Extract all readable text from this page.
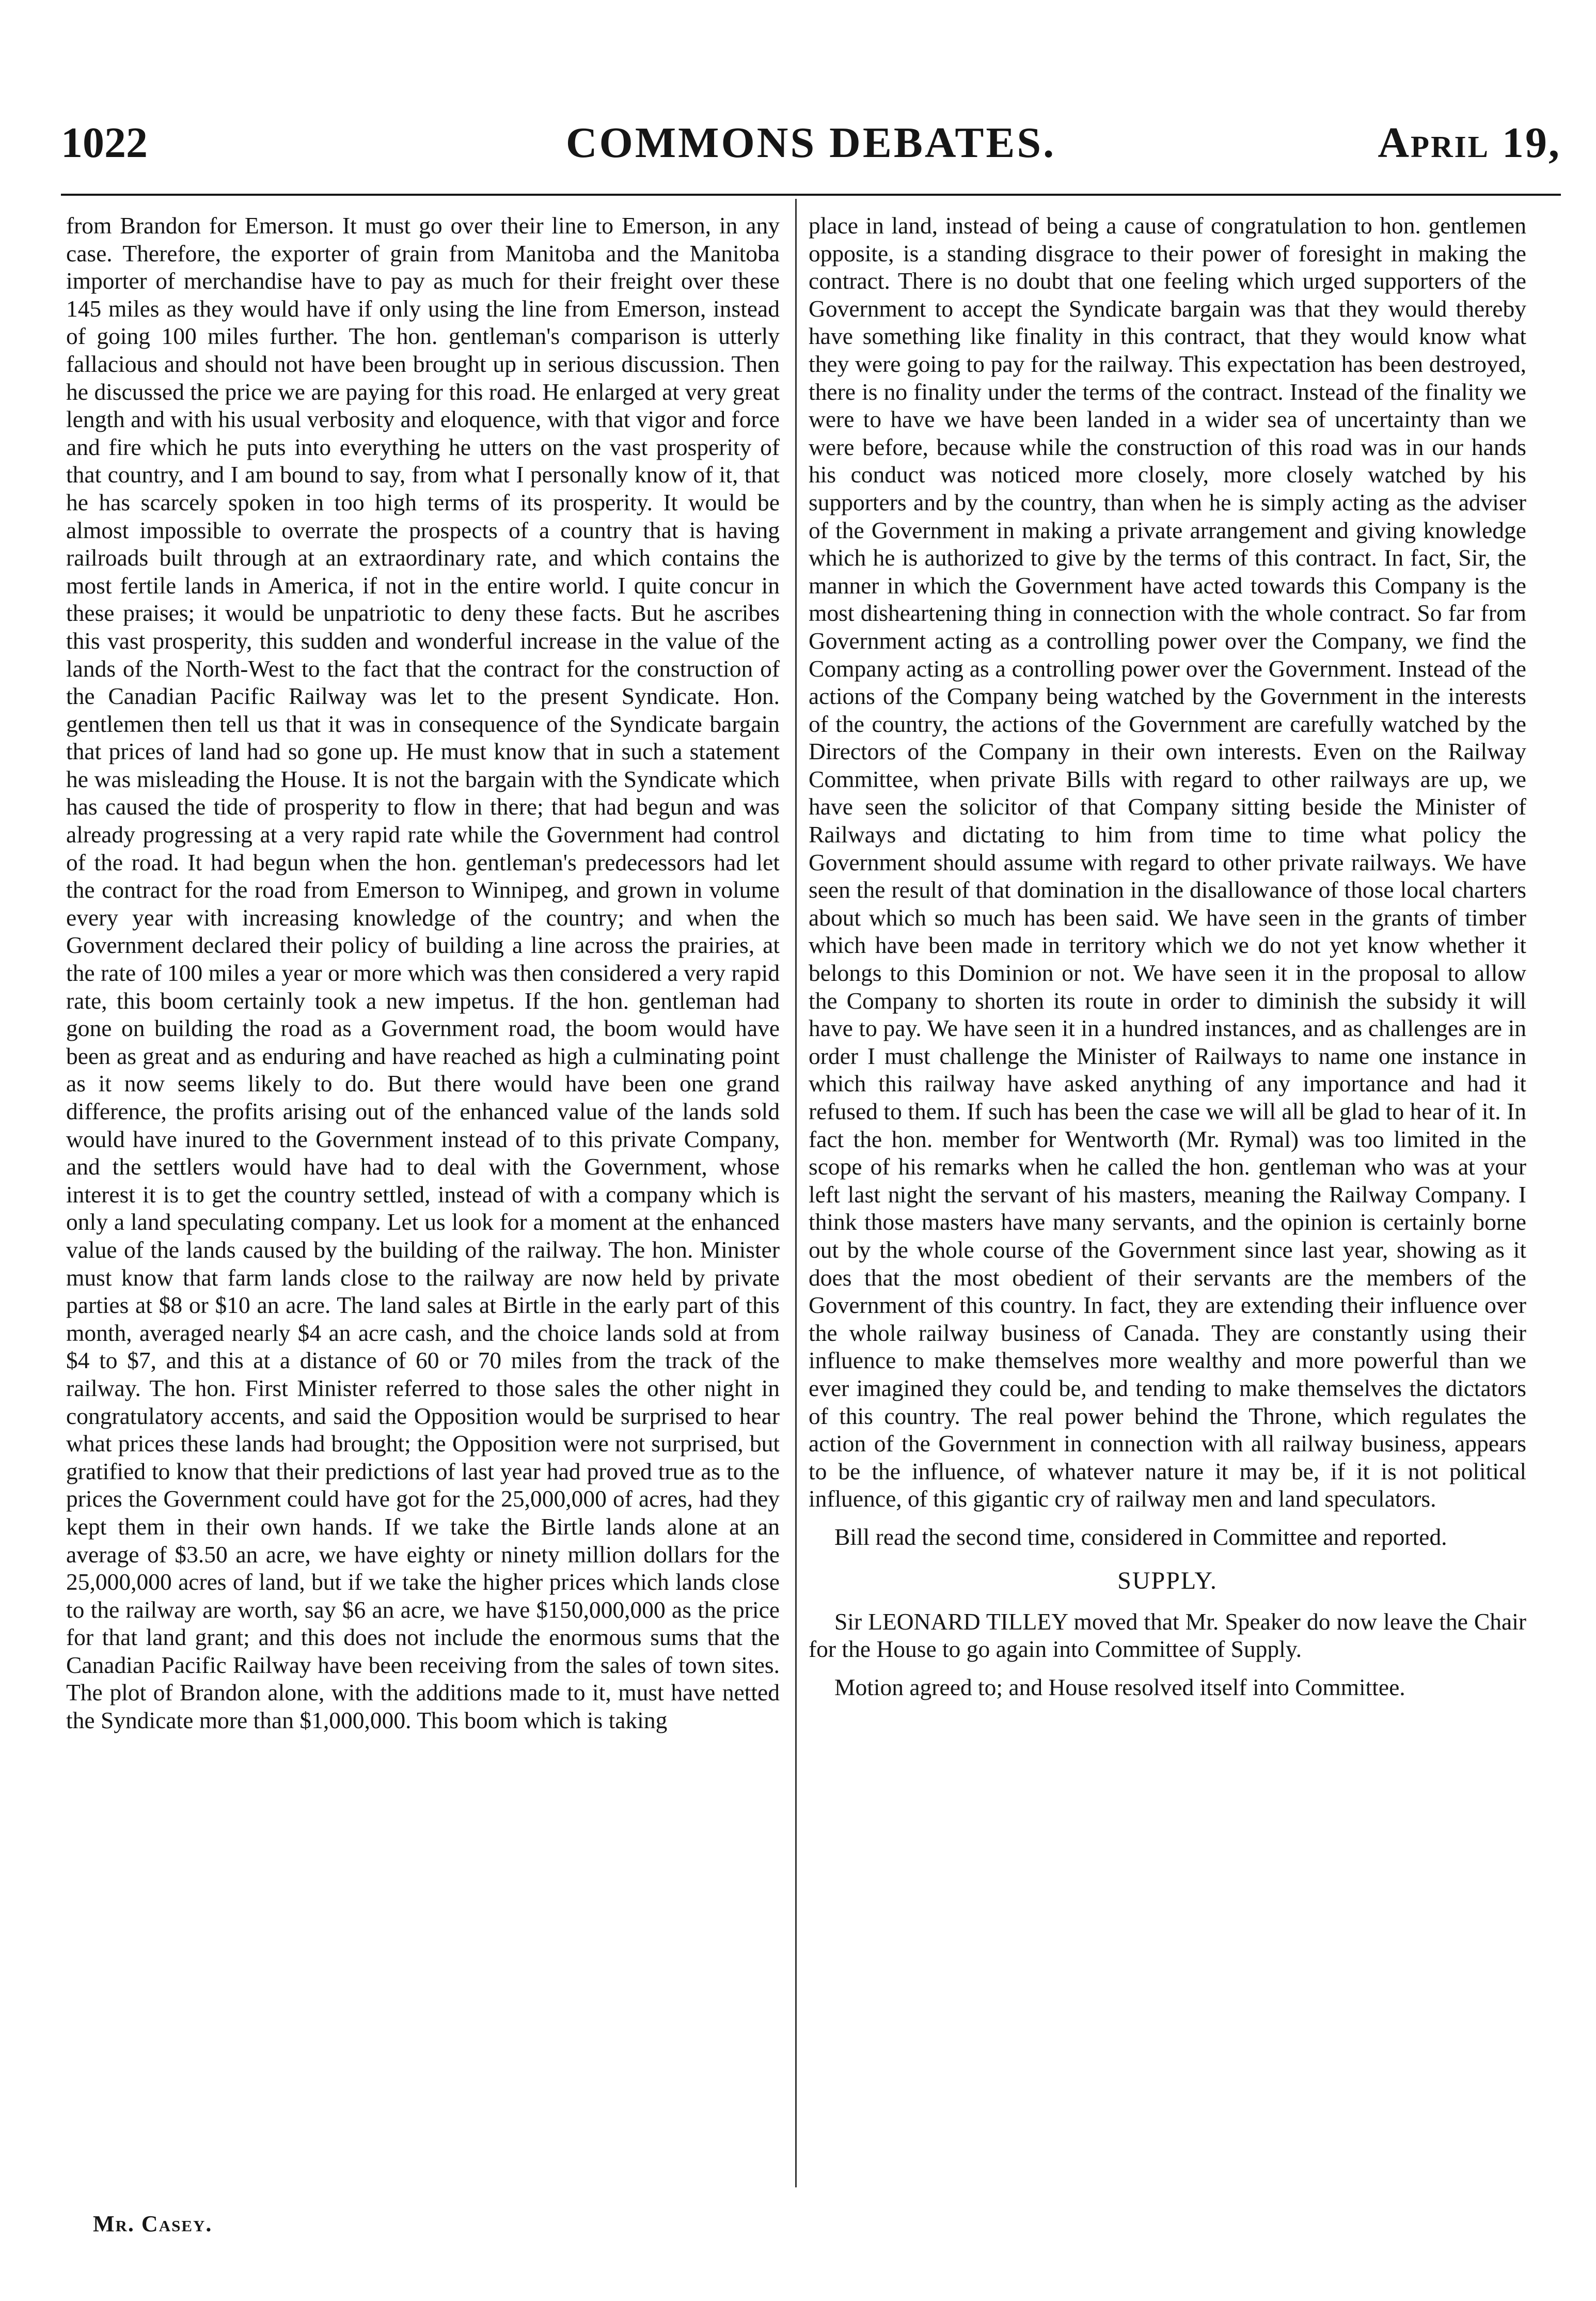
1022	COMMONS DEBATES.	April 19,

from Brandon for Emerson. It must go over their line to Emerson, in any case. Therefore, the exporter of grain from Manitoba and the Manitoba importer of merchandise have to pay as much for their freight over these 145 miles as they would have if only using the line from Emerson, instead of going 100 miles further. The hon. gentleman's comparison is utterly fallacious and should not have been brought up in serious discussion. Then he discussed the price we are paying for this road. He enlarged at very great length and with his usual verbosity and eloquence, with that vigor and force and fire which he puts into everything he utters on the vast prosperity of that country, and I am bound to say, from what I personally know of it, that he has scarcely spoken in too high terms of its prosperity. It would be almost impossible to overrate the prospects of a country that is having railroads built through at an extraordinary rate, and which contains the most fertile lands in America, if not in the entire world. I quite concur in these praises; it would be unpatriotic to deny these facts. But he ascribes this vast prosperity, this sudden and wonderful increase in the value of the lands of the North-West to the fact that the contract for the construction of the Canadian Pacific Railway was let to the present Syndicate. Hon. gentlemen then tell us that it was in consequence of the Syndicate bargain that prices of land had so gone up. He must know that in such a statement he was misleading the House. It is not the bargain with the Syndicate which has caused the tide of prosperity to flow in there; that had begun and was already progressing at a very rapid rate while the Government had control of the road. It had begun when the hon. gentleman's predecessors had let the contract for the road from Emerson to Winnipeg, and grown in volume every year with increasing knowledge of the country; and when the Government declared their policy of building a line across the prairies, at the rate of 100 miles a year or more which was then considered a very rapid rate, this boom certainly took a new impetus. If the hon. gentleman had gone on building the road as a Government road, the boom would have been as great and as enduring and have reached as high a culminating point as it now seems likely to do. But there would have been one grand difference, the profits arising out of the enhanced value of the lands sold would have inured to the Government instead of to this private Company, and the settlers would have had to deal with the Government, whose interest it is to get the country settled, instead of with a company which is only a land speculating company. Let us look for a moment at the enhanced value of the lands caused by the building of the railway. The hon. Minister must know that farm lands close to the railway are now held by private parties at $8 or $10 an acre. The land sales at Birtle in the early part of this month, averaged nearly $4 an acre cash, and the choice lands sold at from $4 to $7, and this at a distance of 60 or 70 miles from the track of the railway. The hon. First Minister referred to those sales the other night in congratulatory accents, and said the Opposition would be surprised to hear what prices these lands had brought; the Opposition were not surprised, but gratified to know that their predictions of last year had proved true as to the prices the Government could have got for the 25,000,000 of acres, had they kept them in their own hands. If we take the Birtle lands alone at an average of $3.50 an acre, we have eighty or ninety million dollars for the 25,000,000 acres of land, but if we take the higher prices which lands close to the railway are worth, say $6 an acre, we have $150,000,000 as the price for that land grant; and this does not include the enormous sums that the Canadian Pacific Railway have been receiving from the sales of town sites. The plot of Brandon alone, with the additions made to it, must have netted the Syndicate more than $1,000,000. This boom which is taking

place in land, instead of being a cause of congratulation to hon. gentlemen opposite, is a standing disgrace to their power of foresight in making the contract. There is no doubt that one feeling which urged supporters of the Government to accept the Syndicate bargain was that they would thereby have something like finality in this contract, that they would know what they were going to pay for the railway. This expectation has been destroyed, there is no finality under the terms of the contract. Instead of the finality we were to have we have been landed in a wider sea of uncertainty than we were before, because while the construction of this road was in our hands his conduct was noticed more closely, more closely watched by his supporters and by the country, than when he is simply acting as the adviser of the Government in making a private arrangement and giving knowledge which he is authorized to give by the terms of this contract. In fact, Sir, the manner in which the Government have acted towards this Company is the most disheartening thing in connection with the whole contract. So far from Government acting as a controlling power over the Company, we find the Company acting as a controlling power over the Government. Instead of the actions of the Company being watched by the Government in the interests of the country, the actions of the Government are carefully watched by the Directors of the Company in their own interests. Even on the Railway Committee, when private Bills with regard to other railways are up, we have seen the solicitor of that Company sitting beside the Minister of Railways and dictating to him from time to time what policy the Government should assume with regard to other private railways. We have seen the result of that domination in the disallowance of those local charters about which so much has been said. We have seen in the grants of timber which have been made in territory which we do not yet know whether it belongs to this Dominion or not. We have seen it in the proposal to allow the Company to shorten its route in order to diminish the subsidy it will have to pay. We have seen it in a hundred instances, and as challenges are in order I must challenge the Minister of Railways to name one instance in which this railway have asked anything of any importance and had it refused to them. If such has been the case we will all be glad to hear of it. In fact the hon. member for Wentworth (Mr. Rymal) was too limited in the scope of his remarks when he called the hon. gentleman who was at your left last night the servant of his masters, meaning the Railway Company. I think those masters have many servants, and the opinion is certainly borne out by the whole course of the Government since last year, showing as it does that the most obedient of their servants are the members of the Government of this country. In fact, they are extending their influence over the whole railway business of Canada. They are constantly using their influence to make themselves more wealthy and more powerful than we ever imagined they could be, and tending to make themselves the dictators of this country. The real power behind the Throne, which regulates the action of the Government in connection with all railway business, appears to be the influence, of whatever nature it may be, if it is not political influence, of this gigantic cry of railway men and land speculators.

Bill read the second time, considered in Committee and reported.

SUPPLY.

Sir LEONARD TILLEY moved that Mr. Speaker do now leave the Chair for the House to go again into Committee of Supply.

Motion agreed to; and House resolved itself into Committee.

Mr. Casey.
